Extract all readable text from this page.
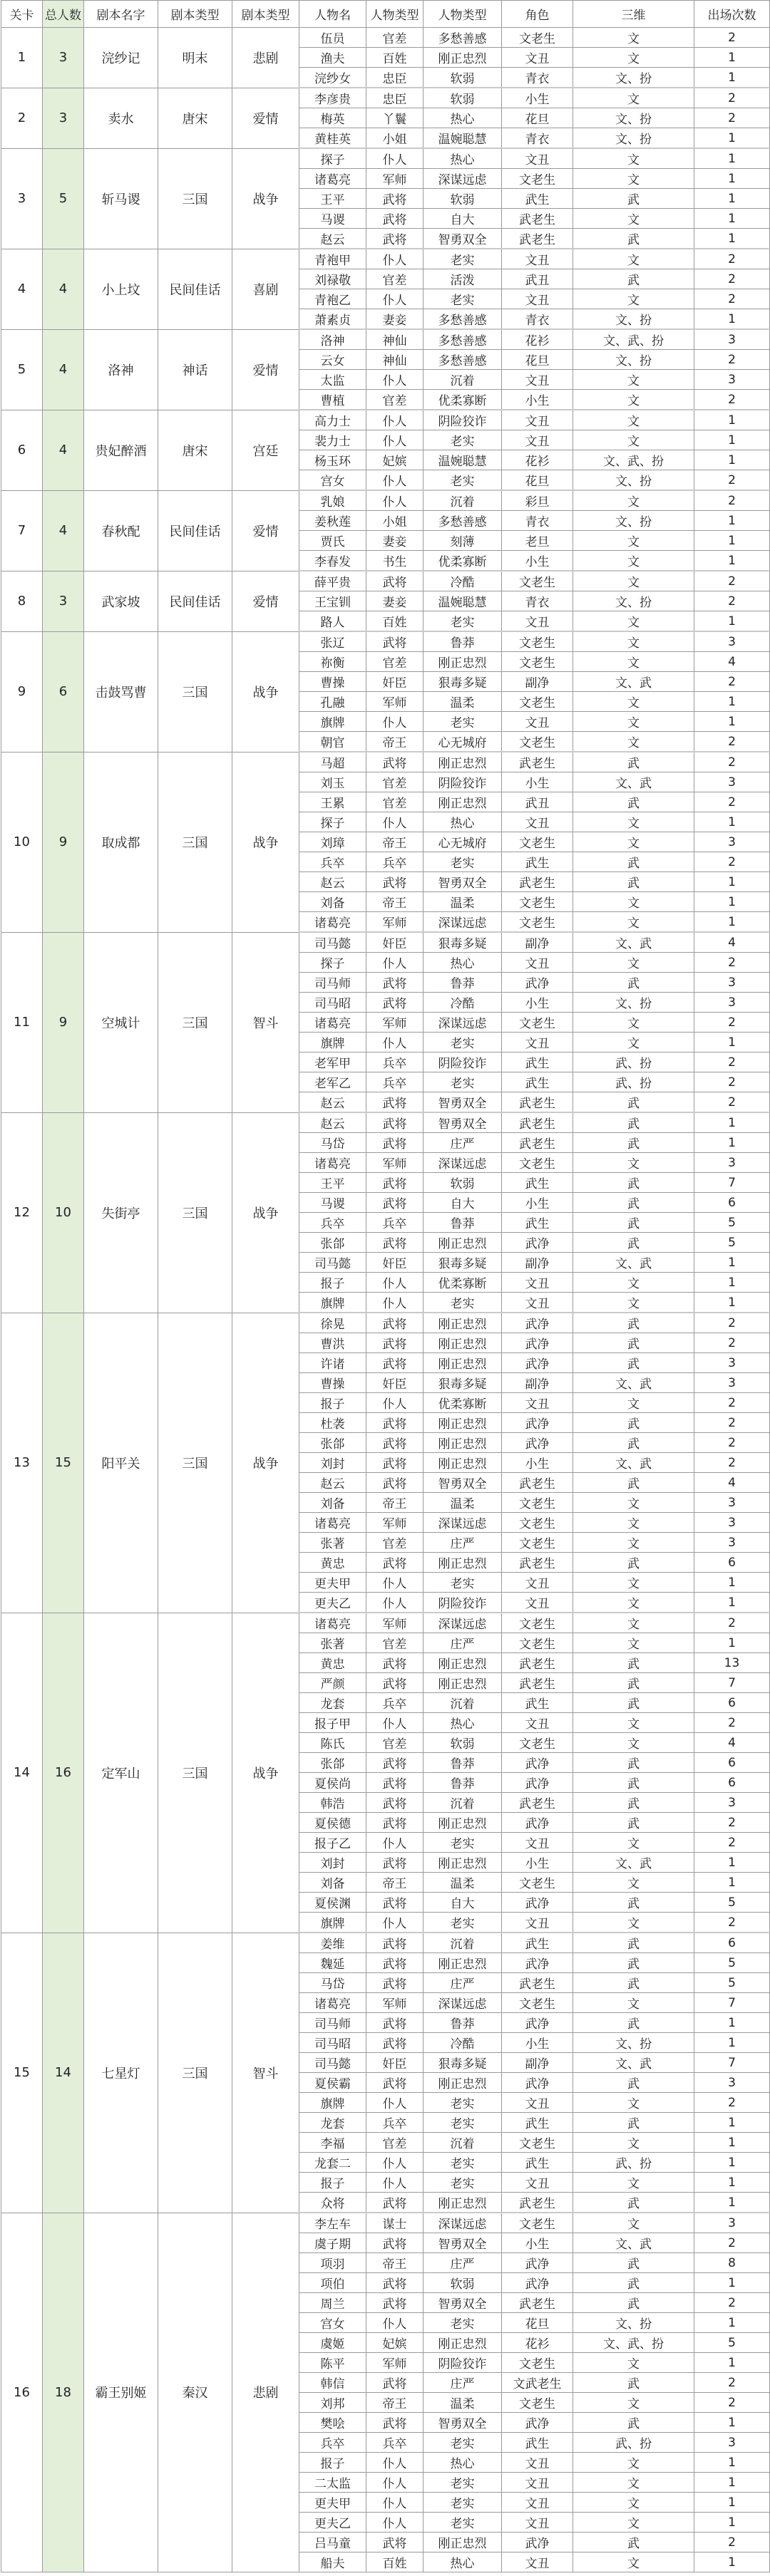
关卡	总人数	剧本名字	剧本类型	剧本类型	人物名	人物类型	人物类型	角色	三维	出场次数
1	3	浣纱记	明末	悲剧	伍员	官差	多愁善感	文老生	文	2
					渔夫	百姓	刚正忠烈	文丑	文	1
					浣纱女	忠臣	软弱	青衣	文、扮	1
2	3	卖水	唐宋	爱情	李彦贵	忠臣	软弱	小生	文	2
					梅英	丫鬟	热心	花旦	文、扮	2
					黄桂英	小姐	温婉聪慧	青衣	文、扮	1
3	5	斩马谡	三国	战争	探子	仆人	热心	文丑	文	1
					诸葛亮	军师	深谋远虑	文老生	文	1
					王平	武将	软弱	武生	武	1
					马谡	武将	自大	武老生	文	1
					赵云	武将	智勇双全	武老生	武	1
4	4	小上坟	民间佳话	喜剧	青袍甲	仆人	老实	文丑	文	2
					刘禄敬	官差	活泼	武丑	武	2
					青袍乙	仆人	老实	文丑	文	2
					萧素贞	妻妾	多愁善感	青衣	文、扮	1
5	4	洛神	神话	爱情	洛神	神仙	多愁善感	花衫	文、武、扮	3
					云女	神仙	多愁善感	花旦	文、扮	2
					太监	仆人	沉着	文丑	文	3
					曹植	官差	优柔寡断	小生	文	2
6	4	贵妃醉酒	唐宋	宫廷	高力士	仆人	阴险狡诈	文丑	文	1
					裴力士	仆人	老实	文丑	文	1
					杨玉环	妃嫔	温婉聪慧	花衫	文、武、扮	1
					宫女	仆人	老实	花旦	文、扮	2
7	4	春秋配	民间佳话	爱情	乳娘	仆人	沉着	彩旦	文	2
					姜秋莲	小姐	多愁善感	青衣	文、扮	1
					贾氏	妻妾	刻薄	老旦	文	1
					李春发	书生	优柔寡断	小生	文	1
8	3	武家坡	民间佳话	爱情	薛平贵	武将	冷酷	文老生	文	2
					王宝钏	妻妾	温婉聪慧	青衣	文、扮	2
					路人	百姓	老实	文丑	文	1
9	6	击鼓骂曹	三国	战争	张辽	武将	鲁莽	文老生	文	3
					祢衡	官差	刚正忠烈	文老生	文	4
					曹操	奸臣	狠毒多疑	副净	文、武	2
					孔融	军师	温柔	文老生	文	1
					旗牌	仆人	老实	文丑	文	1
					朝官	帝王	心无城府	文老生	文	2
10	9	取成都	三国	战争	马超	武将	刚正忠烈	武老生	武	2
					刘玉	官差	阴险狡诈	小生	文、武	3
					王累	官差	刚正忠烈	武丑	武	2
					探子	仆人	热心	文丑	文	1
					刘璋	帝王	心无城府	文老生	文	3
					兵卒	兵卒	老实	武生	武	2
					赵云	武将	智勇双全	武老生	武	1
					刘备	帝王	温柔	文老生	文	1
					诸葛亮	军师	深谋远虑	文老生	文	1
11	9	空城计	三国	智斗	司马懿	奸臣	狠毒多疑	副净	文、武	4
					探子	仆人	热心	文丑	文	2
					司马师	武将	鲁莽	武净	武	3
					司马昭	武将	冷酷	小生	文、扮	3
					诸葛亮	军师	深谋远虑	文老生	文	2
					旗牌	仆人	老实	文丑	文	1
					老军甲	兵卒	阴险狡诈	武生	武、扮	2
					老军乙	兵卒	老实	武生	武、扮	2
					赵云	武将	智勇双全	武老生	武	2
12	10	失街亭	三国	战争	赵云	武将	智勇双全	武老生	武	1
					马岱	武将	庄严	武老生	武	1
					诸葛亮	军师	深谋远虑	文老生	文	3
					王平	武将	软弱	武生	武	7
					马谡	武将	自大	小生	武	6
					兵卒	兵卒	鲁莽	武生	武	5
					张郃	武将	刚正忠烈	武净	武	5
					司马懿	奸臣	狠毒多疑	副净	文、武	1
					报子	仆人	优柔寡断	文丑	文	1
					旗牌	仆人	老实	文丑	文	1
13	15	阳平关	三国	战争	徐晃	武将	刚正忠烈	武净	武	2
					曹洪	武将	刚正忠烈	武净	武	2
					许诸	武将	刚正忠烈	武净	武	3
					曹操	奸臣	狠毒多疑	副净	文、武	3
					报子	仆人	优柔寡断	文丑	文	2
					杜袭	武将	刚正忠烈	武净	武	2
					张郃	武将	刚正忠烈	武净	武	2
					刘封	武将	刚正忠烈	小生	文、武	2
					赵云	武将	智勇双全	武老生	武	4
					刘备	帝王	温柔	文老生	文	3
					诸葛亮	军师	深谋远虑	文老生	文	3
					张著	官差	庄严	文老生	文	3
					黄忠	武将	刚正忠烈	武老生	武	6
					更夫甲	仆人	老实	文丑	文	1
					更夫乙	仆人	阴险狡诈	文丑	文	1
14	16	定军山	三国	战争	诸葛亮	军师	深谋远虑	文老生	文	2
					张著	官差	庄严	文老生	文	1
					黄忠	武将	刚正忠烈	武老生	武	13
					严颜	武将	刚正忠烈	武老生	武	7
					龙套	兵卒	沉着	武生	武	6
					报子甲	仆人	热心	文丑	文	2
					陈氏	官差	软弱	文老生	文	4
					张郃	武将	鲁莽	武净	武	6
					夏侯尚	武将	鲁莽	武净	武	6
					韩浩	武将	沉着	武老生	武	3
					夏侯德	武将	刚正忠烈	武净	武	2
					报子乙	仆人	老实	文丑	文	2
					刘封	武将	刚正忠烈	小生	文、武	1
					刘备	帝王	温柔	文老生	文	1
					夏侯渊	武将	自大	武净	武	5
					旗牌	仆人	老实	文丑	文	2
15	14	七星灯	三国	智斗	姜维	武将	沉着	武生	武	6
					魏延	武将	刚正忠烈	武净	武	5
					马岱	武将	庄严	武老生	武	5
					诸葛亮	军师	深谋远虑	文老生	文	7
					司马师	武将	鲁莽	武净	武	1
					司马昭	武将	冷酷	小生	文、扮	1
					司马懿	奸臣	狠毒多疑	副净	文、武	7
					夏侯霸	武将	刚正忠烈	武净	武	3
					旗牌	仆人	老实	文丑	文	2
					龙套	兵卒	老实	武生	武	1
					李福	官差	沉着	文老生	文	1
					龙套二	仆人	老实	武生	武、扮	1
					报子	仆人	老实	文丑	文	1
					众将	武将	刚正忠烈	武老生	武	1
16	18	霸王别姬	秦汉	悲剧	李左车	谋士	深谋远虑	文老生	文	3
					虞子期	武将	智勇双全	小生	文、武	2
					项羽	帝王	庄严	武净	武	8
					项伯	武将	软弱	武净	武	1
					周兰	武将	智勇双全	武老生	武	2
					宫女	仆人	老实	花旦	文、扮	1
					虞姬	妃嫔	刚正忠烈	花衫	文、武、扮	5
					陈平	军师	阴险狡诈	文老生	文	1
					韩信	武将	庄严	文武老生	武	2
					刘邦	帝王	温柔	文老生	文	2
					樊哙	武将	智勇双全	武净	武	1
					兵卒	兵卒	老实	武生	武、扮	3
					报子	仆人	热心	文丑	文	1
					二太监	仆人	老实	文丑	文	1
					更夫甲	仆人	老实	文丑	文	1
					更夫乙	仆人	老实	文丑	文	1
					吕马童	武将	刚正忠烈	武净	武	2
					船夫	百姓	热心	文丑	文	1
